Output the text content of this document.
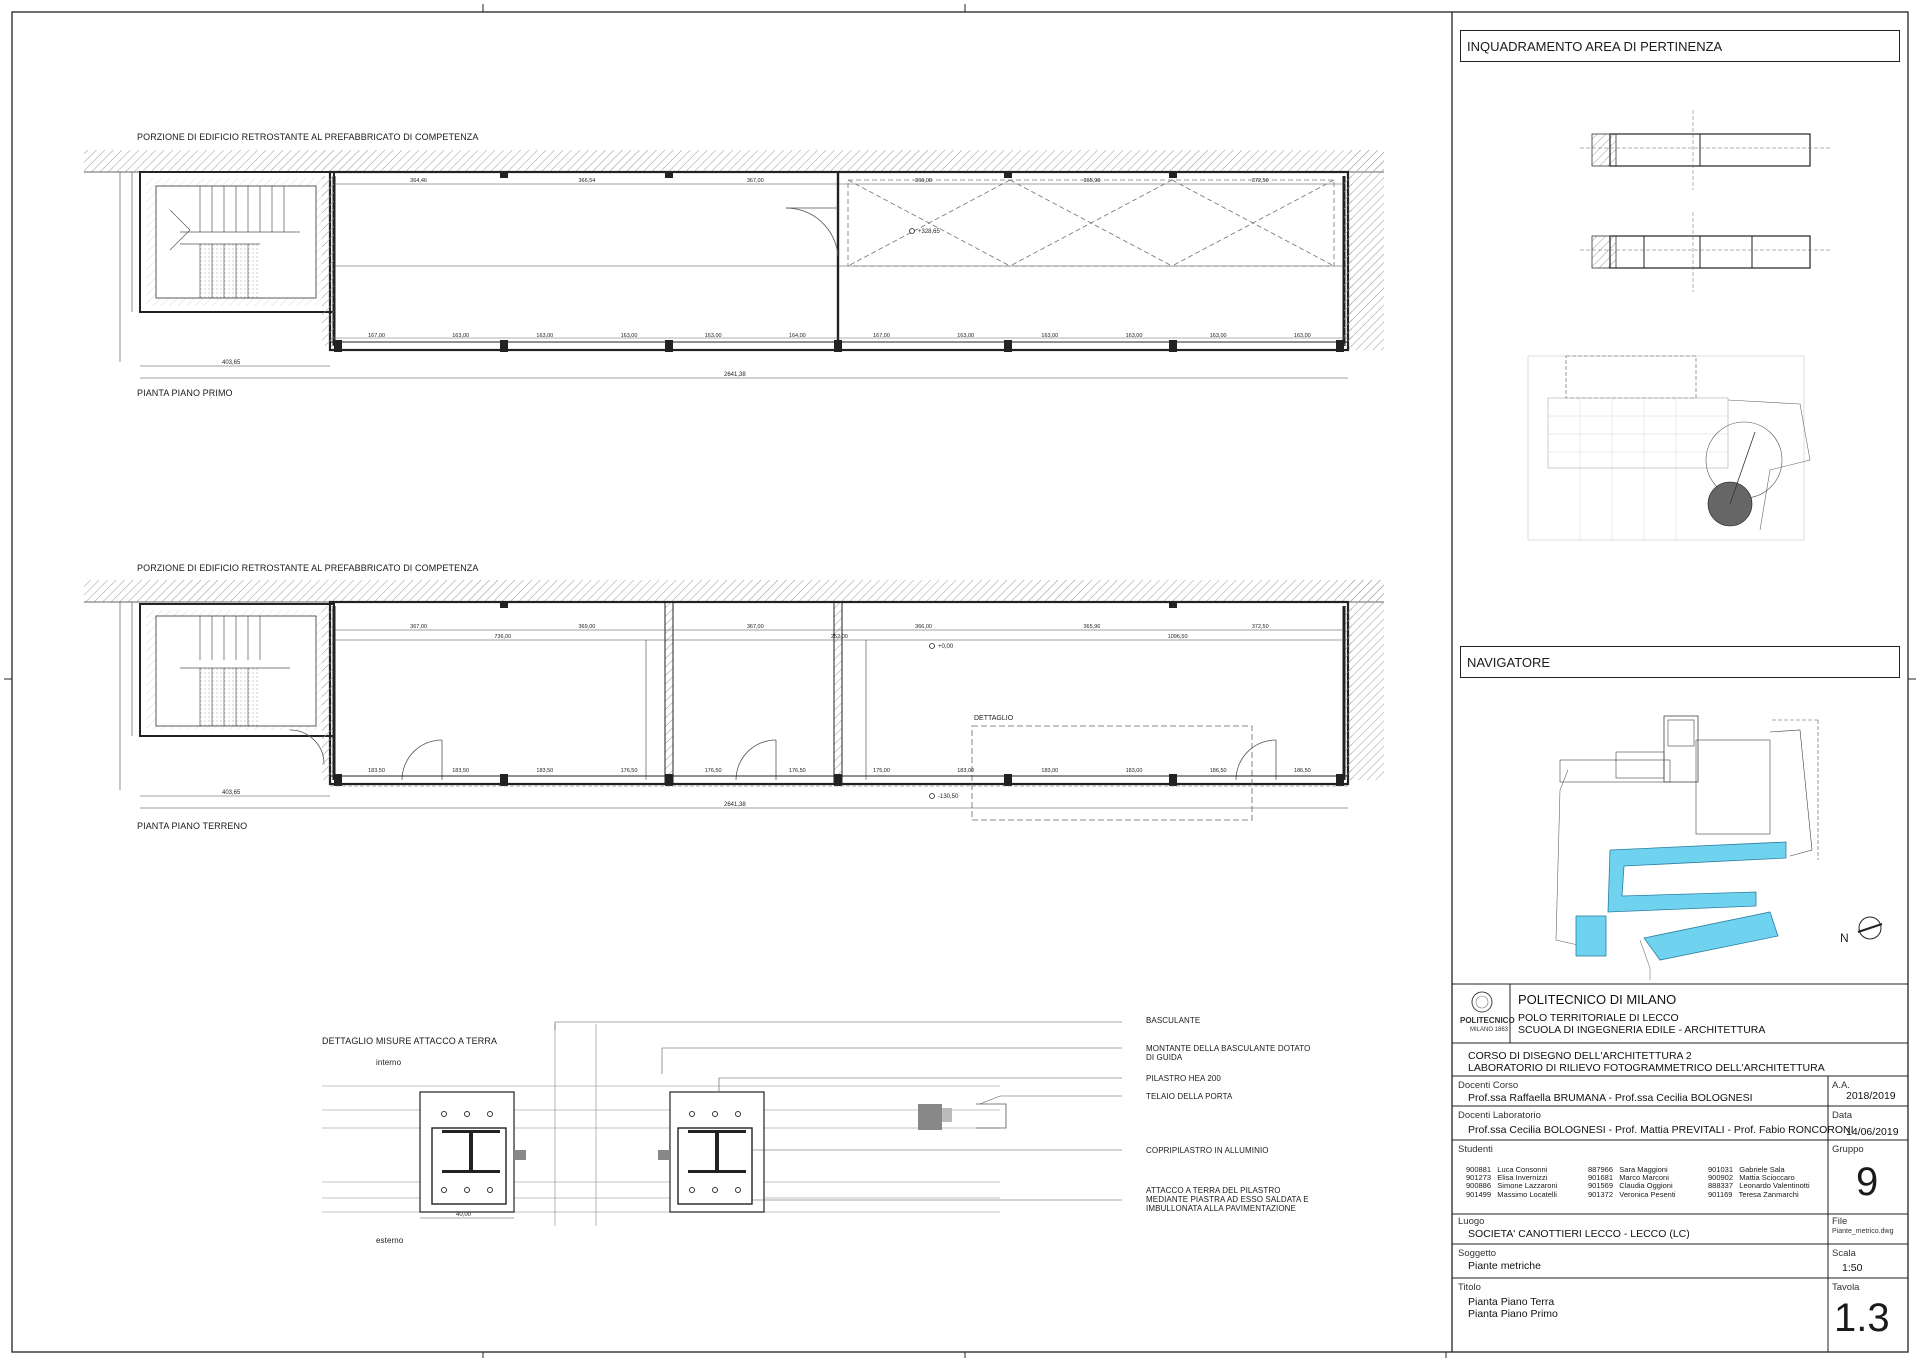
364,46	366,54	367,00	366,00	365,96	372,50
167,00	163,00	163,00	163,00	163,00	164,00	167,00	163,00	163,00	163,00	163,00	163,00
+328,65
DETTAGLIO
367,00	369,00	367,00	366,00	365,96	372,50
736,00	252,00	1096,50
183,50	183,50	183,50	176,50	176,50	176,50	175,00	183,00	183,00	183,00	186,50	186,50
+0,00
-130,50
403,65
2641,38
403,65
2641,38
40,00
N
PORZIONE DI EDIFICIO RETROSTANTE AL PREFABBRICATO DI COMPETENZA
PIANTA PIANO PRIMO
PORZIONE DI EDIFICIO RETROSTANTE AL PREFABBRICATO DI COMPETENZA
PIANTA PIANO TERRENO
DETTAGLIO MISURE ATTACCO A TERRA
interno
esterno
BASCULANTE
MONTANTE DELLA BASCULANTE DOTATO
DI GUIDA
PILASTRO HEA 200
TELAIO DELLA PORTA
COPRIPILASTRO IN ALLUMINIO
ATTACCO A TERRA DEL PILASTRO
MEDIANTE PIASTRA AD ESSO SALDATA E
IMBULLONATA ALLA PAVIMENTAZIONE
INQUADRAMENTO AREA DI PERTINENZA
NAVIGATORE
POLITECNICO
MILANO 1863
POLITECNICO DI MILANO
POLO TERRITORIALE DI LECCO
SCUOLA DI INGEGNERIA EDILE - ARCHITETTURA
CORSO DI DISEGNO DELL'ARCHITETTURA 2
LABORATORIO DI RILIEVO FOTOGRAMMETRICO DELL'ARCHITETTURA
Docenti Corso
Prof.ssa Raffaella BRUMANA - Prof.ssa Cecilia BOLOGNESI
A.A.
2018/2019
Docenti Laboratorio
Prof.ssa Cecilia BOLOGNESI - Prof. Mattia PREVITALI - Prof. Fabio RONCORONI
Data
14/06/2019
Studenti
900881   Luca Consonni
901273   Elisa Invernizzi
900886   Simone Lazzaroni
901499   Massimo Locatelli
887966   Sara Maggioni
901681   Marco Marconi
901569   Claudia Oggioni
901372   Veronica Pesenti
901031   Gabriele Sala
900902   Mattia Scioccaro
888337   Leonardo Valentinotti
901169   Teresa Zanmarchi
Gruppo
9
Luogo
SOCIETA' CANOTTIERI LECCO - LECCO (LC)
File
Piante_metrico.dwg
Soggetto
Piante metriche
Scala
1:50
Titolo
Pianta Piano Terra
Pianta Piano Primo
Tavola
1.3
